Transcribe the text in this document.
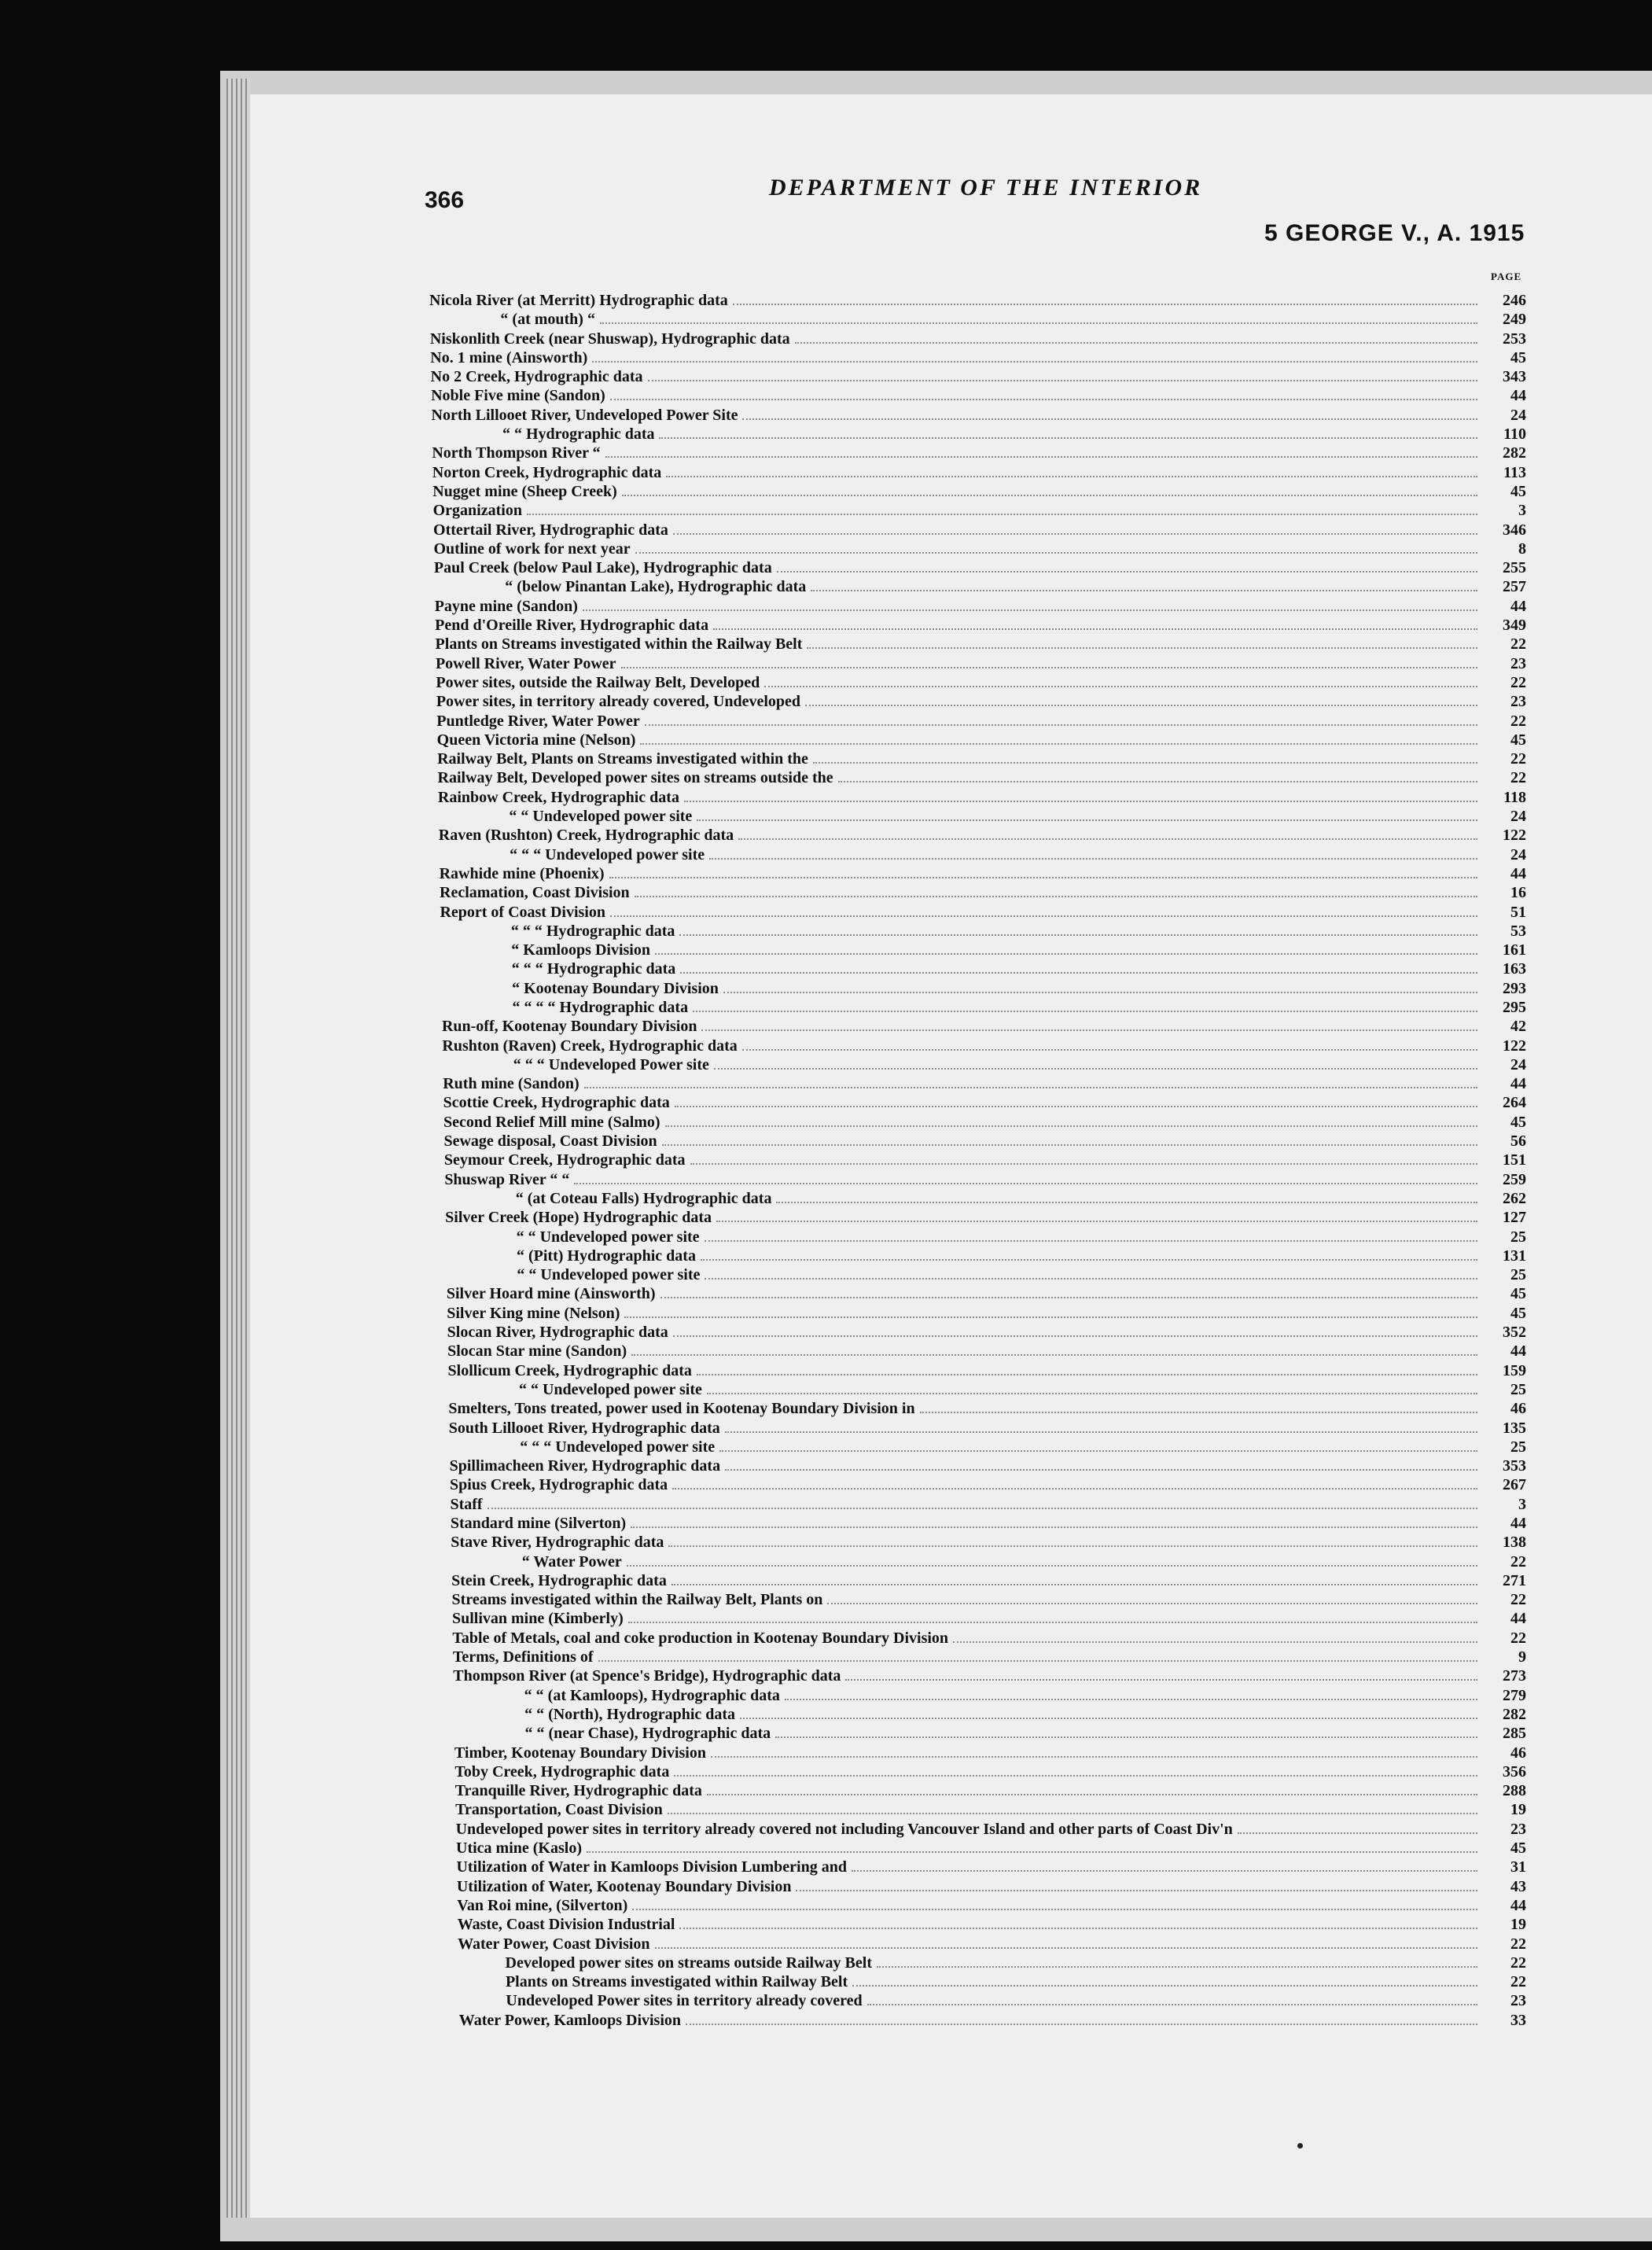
366	DEPARTMENT OF THE INTERIOR
5 GEORGE V., A. 1915
PAGE
Nicola River (at Merritt) Hydrographic data	246
“ (at mouth) “	249
Niskonlith Creek (near Shuswap), Hydrographic data	253
No. 1 mine (Ainsworth)	45
No 2 Creek, Hydrographic data	343
Noble Five mine (Sandon)	44
North Lillooet River, Undeveloped Power Site	24
“ “ Hydrographic data	110
North Thompson River “	282
Norton Creek, Hydrographic data	113
Nugget mine (Sheep Creek)	45
Organization	3
Ottertail River, Hydrographic data	346
Outline of work for next year	8
Paul Creek (below Paul Lake), Hydrographic data	255
“ (below Pinantan Lake), Hydrographic data	257
Payne mine (Sandon)	44
Pend d'Oreille River, Hydrographic data	349
Plants on Streams investigated within the Railway Belt	22
Powell River, Water Power	23
Power sites, outside the Railway Belt, Developed	22
Power sites, in territory already covered, Undeveloped	23
Puntledge River, Water Power	22
Queen Victoria mine (Nelson)	45
Railway Belt, Plants on Streams investigated within the	22
Railway Belt, Developed power sites on streams outside the	22
Rainbow Creek, Hydrographic data	118
“ “ Undeveloped power site	24
Raven (Rushton) Creek, Hydrographic data	122
“ “ “ Undeveloped power site	24
Rawhide mine (Phoenix)	44
Reclamation, Coast Division	16
Report of Coast Division	51
“ “ “ Hydrographic data	53
“ Kamloops Division	161
“ “ “ Hydrographic data	163
“ Kootenay Boundary Division	293
“ “ “ “ Hydrographic data	295
Run-off, Kootenay Boundary Division	42
Rushton (Raven) Creek, Hydrographic data	122
“ “ “ Undeveloped Power site	24
Ruth mine (Sandon)	44
Scottie Creek, Hydrographic data	264
Second Relief Mill mine (Salmo)	45
Sewage disposal, Coast Division	56
Seymour Creek, Hydrographic data	151
Shuswap River “ “	259
“ (at Coteau Falls) Hydrographic data	262
Silver Creek (Hope) Hydrographic data	127
“ “ Undeveloped power site	25
“ (Pitt) Hydrographic data	131
“ “ Undeveloped power site	25
Silver Hoard mine (Ainsworth)	45
Silver King mine (Nelson)	45
Slocan River, Hydrographic data	352
Slocan Star mine (Sandon)	44
Slollicum Creek, Hydrographic data	159
“ “ Undeveloped power site	25
Smelters, Tons treated, power used in Kootenay Boundary Division in	46
South Lillooet River, Hydrographic data	135
“ “ “ Undeveloped power site	25
Spillimacheen River, Hydrographic data	353
Spius Creek, Hydrographic data	267
Staff	3
Standard mine (Silverton)	44
Stave River, Hydrographic data	138
“ Water Power	22
Stein Creek, Hydrographic data	271
Streams investigated within the Railway Belt, Plants on	22
Sullivan mine (Kimberly)	44
Table of Metals, coal and coke production in Kootenay Boundary Division	22
Terms, Definitions of	9
Thompson River (at Spence's Bridge), Hydrographic data	273
“ “ (at Kamloops), Hydrographic data	279
“ “ (North), Hydrographic data	282
“ “ (near Chase), Hydrographic data	285
Timber, Kootenay Boundary Division	46
Toby Creek, Hydrographic data	356
Tranquille River, Hydrographic data	288
Transportation, Coast Division	19
Undeveloped power sites in territory already covered not including Vancouver Island and other parts of Coast Div'n	23
Utica mine (Kaslo)	45
Utilization of Water in Kamloops Division Lumbering and	31
Utilization of Water, Kootenay Boundary Division	43
Van Roi mine, (Silverton)	44
Waste, Coast Division Industrial	19
Water Power, Coast Division	22
Developed power sites on streams outside Railway Belt	22
Plants on Streams investigated within Railway Belt	22
Undeveloped Power sites in territory already covered	23
Water Power, Kamloops Division	33
